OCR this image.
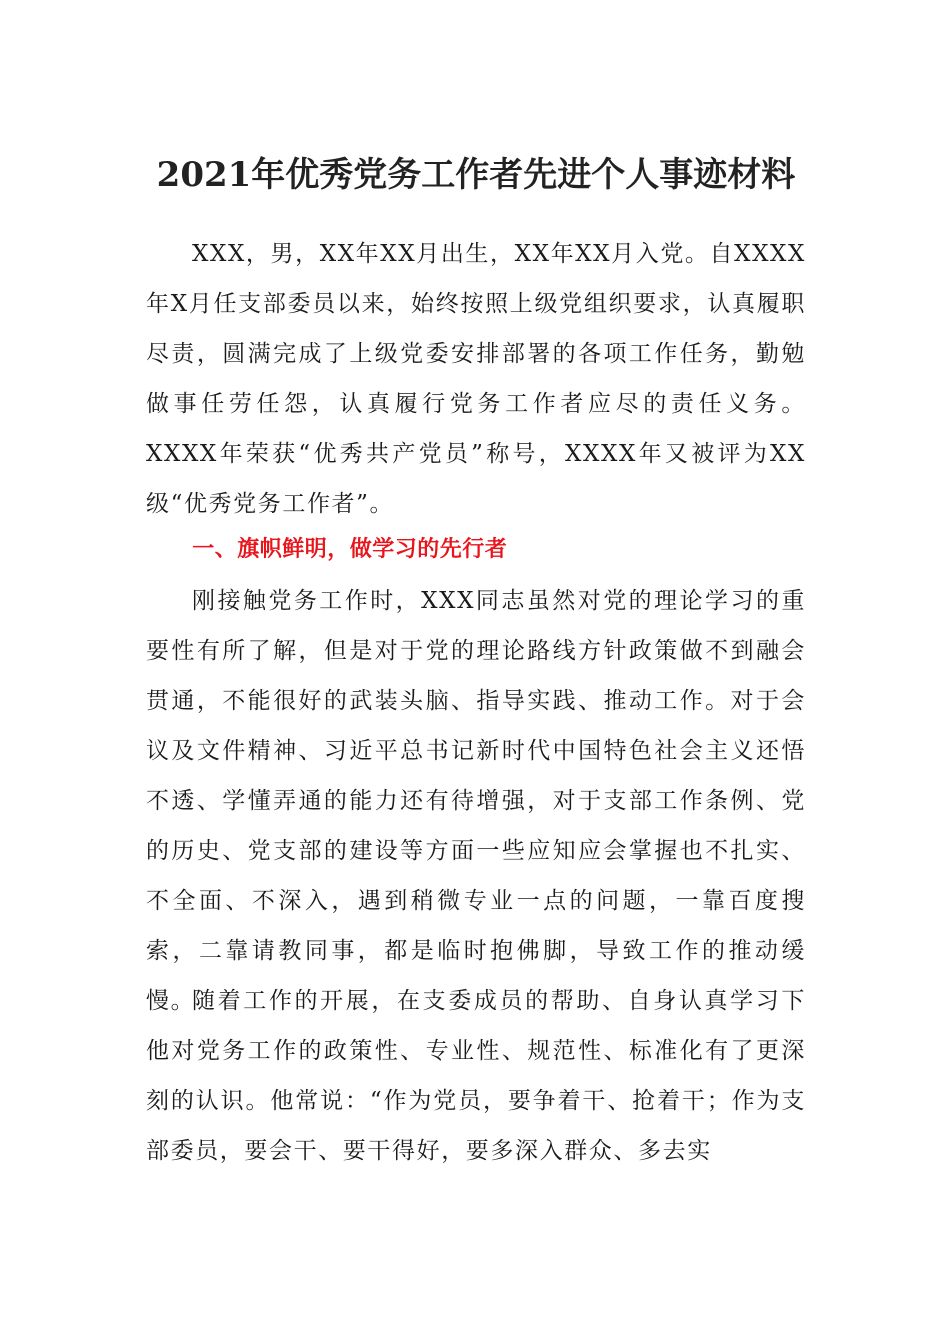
2021年优秀党务工作者先进个人事迹材料

XXX，男，XX年XX月出生，XX年XX月入党。自XXXX年X月任支部委员以来，始终按照上级党组织要求，认真履职尽责，圆满完成了上级党委安排部署的各项工作任务，勤勉做事任劳任怨，认真履行党务工作者应尽的责任义务。XXXX年荣获“优秀共产党员”称号，XXXX年又被评为XX级“优秀党务工作者”。

一、旗帜鲜明，做学习的先行者

刚接触党务工作时，XXX同志虽然对党的理论学习的重要性有所了解，但是对于党的理论路线方针政策做不到融会贯通，不能很好的武装头脑、指导实践、推动工作。对于会议及文件精神、习近平总书记新时代中国特色社会主义还悟不透、学懂弄通的能力还有待增强，对于支部工作条例、党的历史、党支部的建设等方面一些应知应会掌握也不扎实、不全面、不深入，遇到稍微专业一点的问题，一靠百度搜索，二靠请教同事，都是临时抱佛脚，导致工作的推动缓慢。

随着工作的开展，在支委成员的帮助、自身认真学习下他对党务工作的政策性、专业性、规范性、标准化有了更深刻的认识。他常说：“作为党员，要争着干、抢着干；作为支部委员，要会干、要干得好，要多深入群众、多去实
